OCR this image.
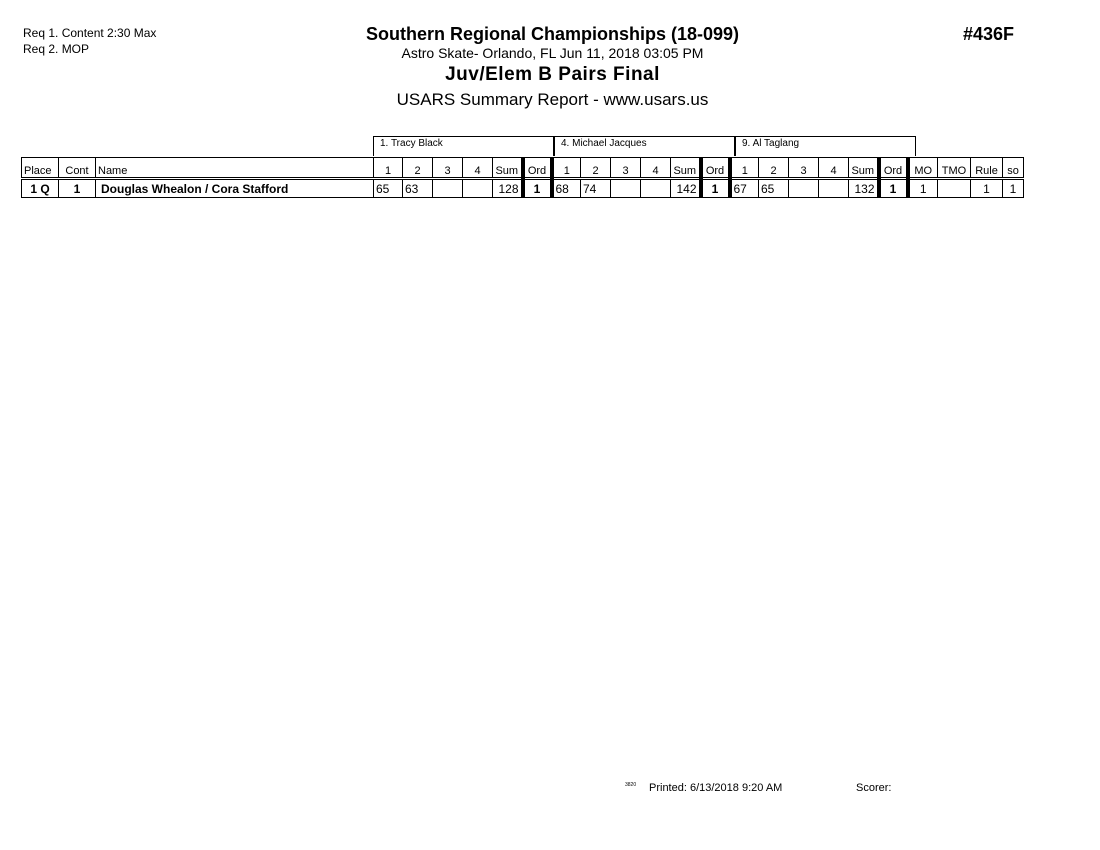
Req 1. Content 2:30 Max
Req 2. MOP
Southern Regional Championships (18-099)
Astro Skate- Orlando, FL Jun 11, 2018 03:05 PM
Juv/Elem B Pairs Final
USARS Summary Report - www.usars.us
#436F
1. Tracy Black	4. Michael Jacques	9. Al Taglang
Place	Cont	Name	1	2	3	4	Sum	Ord	1	2	3	4	Sum	Ord	1	2	3	4	Sum	Ord	MO	TMO	Rule	so
1 Q	1	Douglas Whealon / Cora Stafford	65	63			128	1	68	74			142	1	67	65			132	1	1		1	1
3820 Printed: 6/13/2018 9:20 AM	Scorer:
